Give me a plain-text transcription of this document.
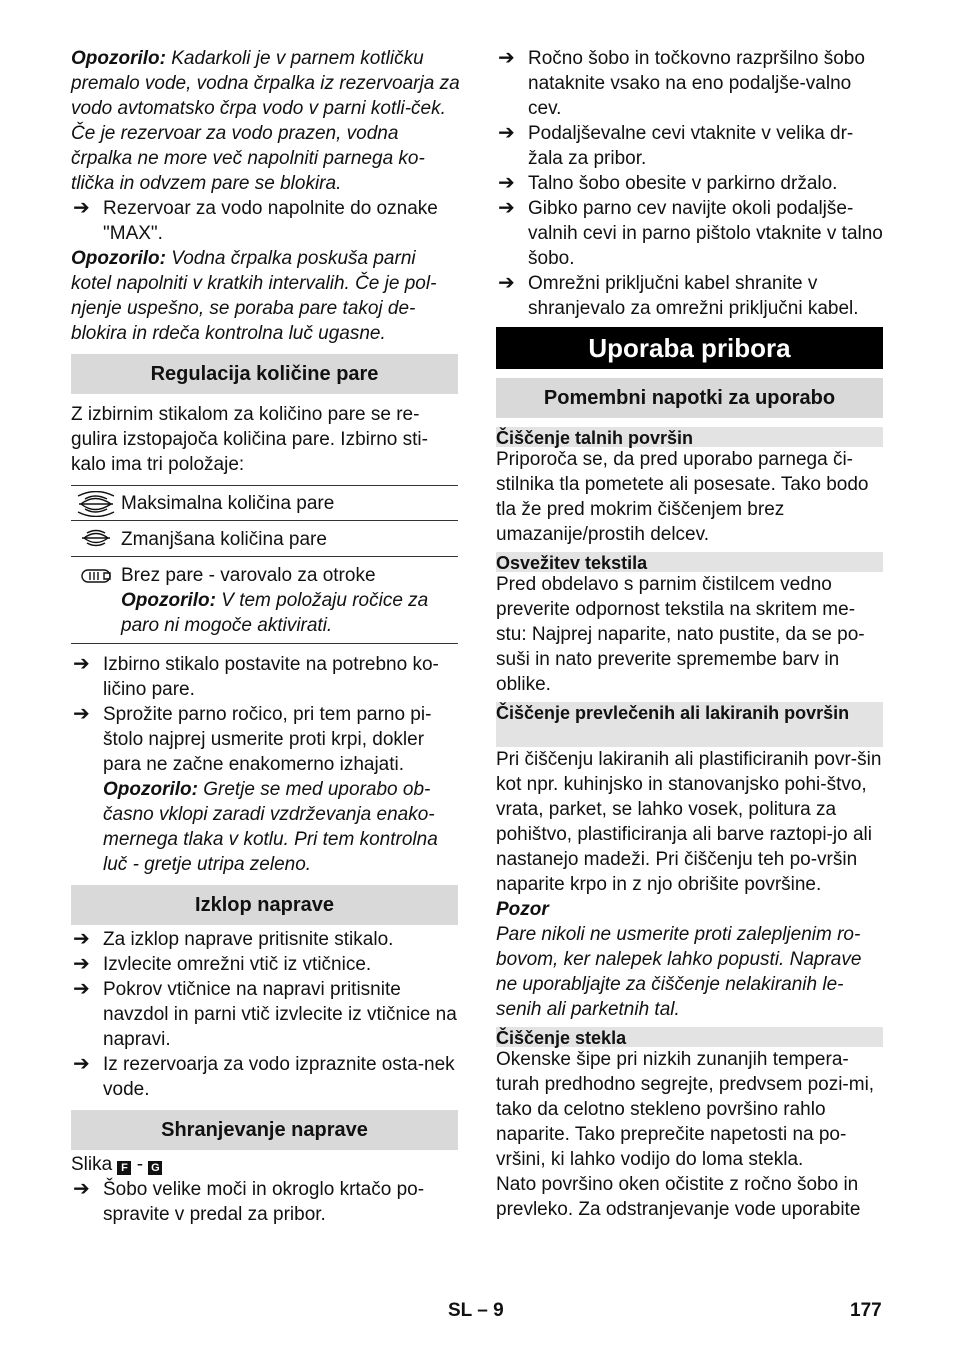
Opozorilo: Kadarkoli je v parnem kotličku premalo vode, vodna črpalka iz rezervoarja za vodo avtomatsko črpa vodo v parni kotli-ček. Če je rezervoar za vodo prazen, vodna črpalka ne more več napolniti parnega ko-tlička in odvzem pare se blokira.

➔ Rezervoar za vodo napolnite do oznake "MAX".

Opozorilo: Vodna črpalka poskuša parni kotel napolniti v kratkih intervalih. Če je pol-njenje uspešno, se poraba pare takoj de-blokira in rdeča kontrolna luč ugasne.

Regulacija količine pare

Z izbirnim stikalom za količino pare se re-gulira izstopajoča količina pare. Izbirno sti-kalo ima tri položaje:

Maksimalna količina pare
Zmanjšana količina pare
Brez pare - varovalo za otroke
Opozorilo: V tem položaju ročice za paro ni mogoče aktivirati.
➔ Izbirno stikalo postavite na potrebno ko-ličino pare.
➔ Sprožite parno ročico, pri tem parno pi-štolo najprej usmerite proti krpi, dokler para ne začne enakomerno izhajati.
Opozorilo: Gretje se med uporabo ob-časno vklopi zaradi vzdrževanja enako-mernega tlaka v kotlu. Pri tem kontrolna luč - gretje utripa zeleno.
Izklop naprave
➔ Za izklop naprave pritisnite stikalo.
➔ Izvlecite omrežni vtič iz vtičnice.
➔ Pokrov vtičnice na napravi pritisnite navzdol in parni vtič izvlecite iz vtičnice na napravi.
➔ Iz rezervoarja za vodo izpraznite osta-nek vode.
Shranjevanje naprave

Slika F - G

➔ Šobo velike moči in okroglo krtačo po-spravite v predal za pribor.
➔ Ročno šobo in točkovno razpršilno šobo nataknite vsako na eno podaljše-valno cev.
➔ Podaljševalne cevi vtaknite v velika dr-žala za pribor.
➔ Talno šobo obesite v parkirno držalo.
➔ Gibko parno cev navijte okoli podaljše-valnih cevi in parno pištolo vtaknite v talno šobo.
➔ Omrežni priključni kabel shranite v shranjevalo za omrežni priključni kabel.
Uporaba pribora
Pomembni napotki za uporabo
Čiščenje talnih površin

Priporoča se, da pred uporabo parnega či-stilnika tla pometete ali posesate. Tako bodo tla že pred mokrim čiščenjem brez umazanije/prostih delcev.

Osvežitev tekstila

Pred obdelavo s parnim čistilcem vedno preverite odpornost tekstila na skritem me-stu: Najprej naparite, nato pustite, da se po-suši in nato preverite spremembe barv in oblike.

Čiščenje prevlečenih ali lakiranih površin

Pri čiščenju lakiranih ali plastificiranih povr-šin kot npr. kuhinjsko in stanovanjsko pohi-štvo, vrata, parket, se lahko vosek, politura za pohištvo, plastificiranja ali barve raztopi-jo ali nastanejo madeži. Pri čiščenju teh po-vršin naparite krpo in z njo obrišite površine.

Pozor

Pare nikoli ne usmerite proti zalepljenim ro-bovom, ker nalepek lahko popusti. Naprave ne uporabljajte za čiščenje nelakiranih le-senih ali parketnih tal.

Čiščenje stekla

Okenske šipe pri nizkih zunanjih tempera-turah predhodno segrejte, predvsem pozi-mi, tako da celotno stekleno površino rahlo naparite. Tako preprečite napetosti na po-vršini, ki lahko vodijo do loma stekla.

Nato površino oken očistite z ročno šobo in prevleko. Za odstranjevanje vode uporabite

SL – 9	177
